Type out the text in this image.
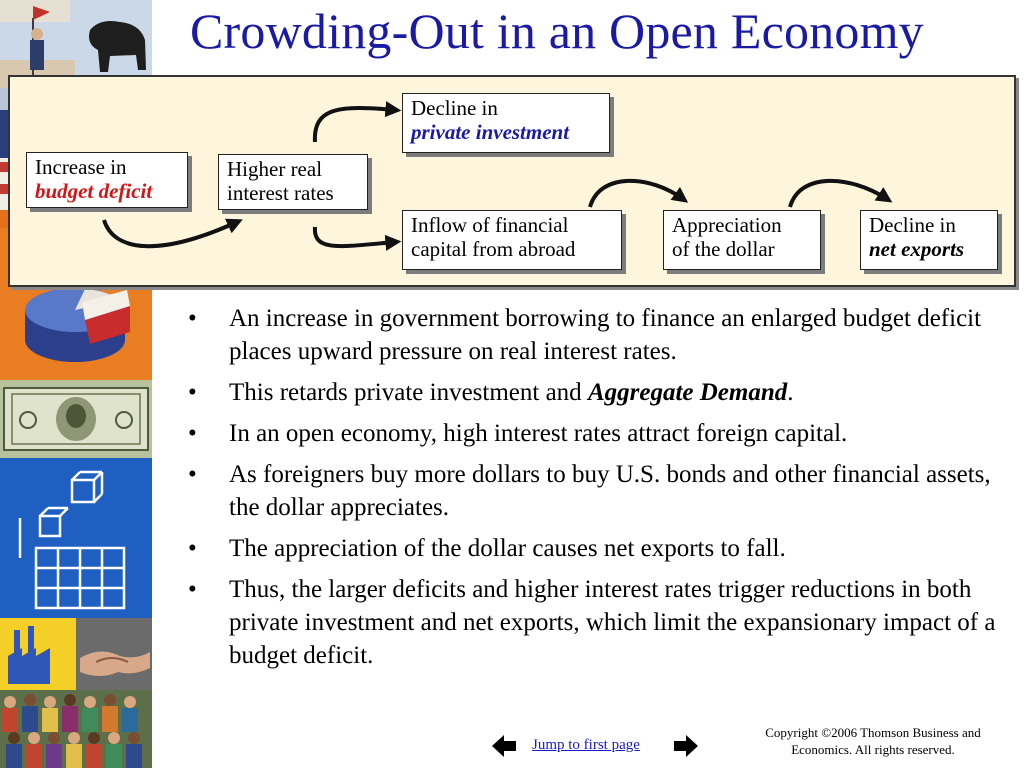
Crowding-Out in an Open Economy
Increase in
budget deficit
Higher real
interest rates
Decline in
private investment
Inflow of financial
capital from abroad
Appreciation
of the dollar
Decline in
net exports
• An increase in government borrowing to finance an enlarged budget deficit places upward pressure on real interest rates.
• This retards private investment and Aggregate Demand.
• In an open economy, high interest rates attract foreign capital.
• As foreigners buy more dollars to buy U.S. bonds and other financial assets, the dollar appreciates.
• The appreciation of the dollar causes net exports to fall.
• Thus, the larger deficits and higher interest rates trigger reductions in both private investment and net exports, which limit the expansionary impact of a budget deficit.
Jump to first page
Copyright ©2006 Thomson Business and
Economics. All rights reserved.
